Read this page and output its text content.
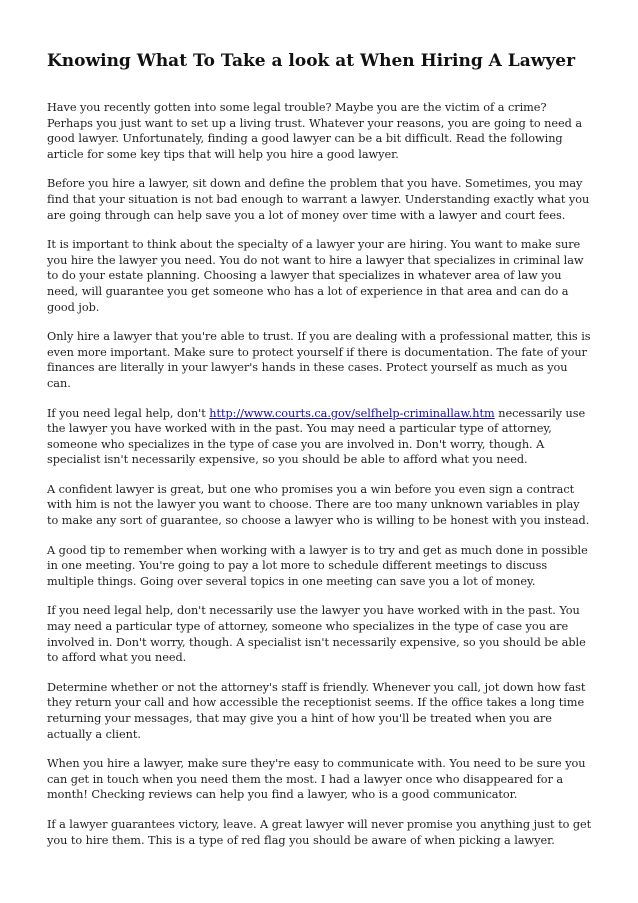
Knowing What To Take a look at When Hiring A Lawyer

Have you recently gotten into some legal trouble? Maybe you are the victim of a crime? Perhaps you just want to set up a living trust. Whatever your reasons, you are going to need a good lawyer. Unfortunately, finding a good lawyer can be a bit difficult. Read the following article for some key tips that will help you hire a good lawyer.

Before you hire a lawyer, sit down and define the problem that you have. Sometimes, you may find that your situation is not bad enough to warrant a lawyer. Understanding exactly what you are going through can help save you a lot of money over time with a lawyer and court fees.

It is important to think about the specialty of a lawyer your are hiring. You want to make sure you hire the lawyer you need. You do not want to hire a lawyer that specializes in criminal law to do your estate planning. Choosing a lawyer that specializes in whatever area of law you need, will guarantee you get someone who has a lot of experience in that area and can do a good job.

Only hire a lawyer that you're able to trust. If you are dealing with a professional matter, this is even more important. Make sure to protect yourself if there is documentation. The fate of your finances are literally in your lawyer's hands in these cases. Protect yourself as much as you can.

If you need legal help, don't http://www.courts.ca.gov/selfhelp-criminallaw.htm necessarily use the lawyer you have worked with in the past. You may need a particular type of attorney, someone who specializes in the type of case you are involved in. Don't worry, though. A specialist isn't necessarily expensive, so you should be able to afford what you need.

A confident lawyer is great, but one who promises you a win before you even sign a contract with him is not the lawyer you want to choose. There are too many unknown variables in play to make any sort of guarantee, so choose a lawyer who is willing to be honest with you instead.

A good tip to remember when working with a lawyer is to try and get as much done in possible in one meeting. You're going to pay a lot more to schedule different meetings to discuss multiple things. Going over several topics in one meeting can save you a lot of money.

If you need legal help, don't necessarily use the lawyer you have worked with in the past. You may need a particular type of attorney, someone who specializes in the type of case you are involved in. Don't worry, though. A specialist isn't necessarily expensive, so you should be able to afford what you need.

Determine whether or not the attorney's staff is friendly. Whenever you call, jot down how fast they return your call and how accessible the receptionist seems. If the office takes a long time returning your messages, that may give you a hint of how you'll be treated when you are actually a client.

When you hire a lawyer, make sure they're easy to communicate with. You need to be sure you can get in touch when you need them the most. I had a lawyer once who disappeared for a month! Checking reviews can help you find a lawyer, who is a good communicator.

If a lawyer guarantees victory, leave. A great lawyer will never promise you anything just to get you to hire them. This is a type of red flag you should be aware of when picking a lawyer.
